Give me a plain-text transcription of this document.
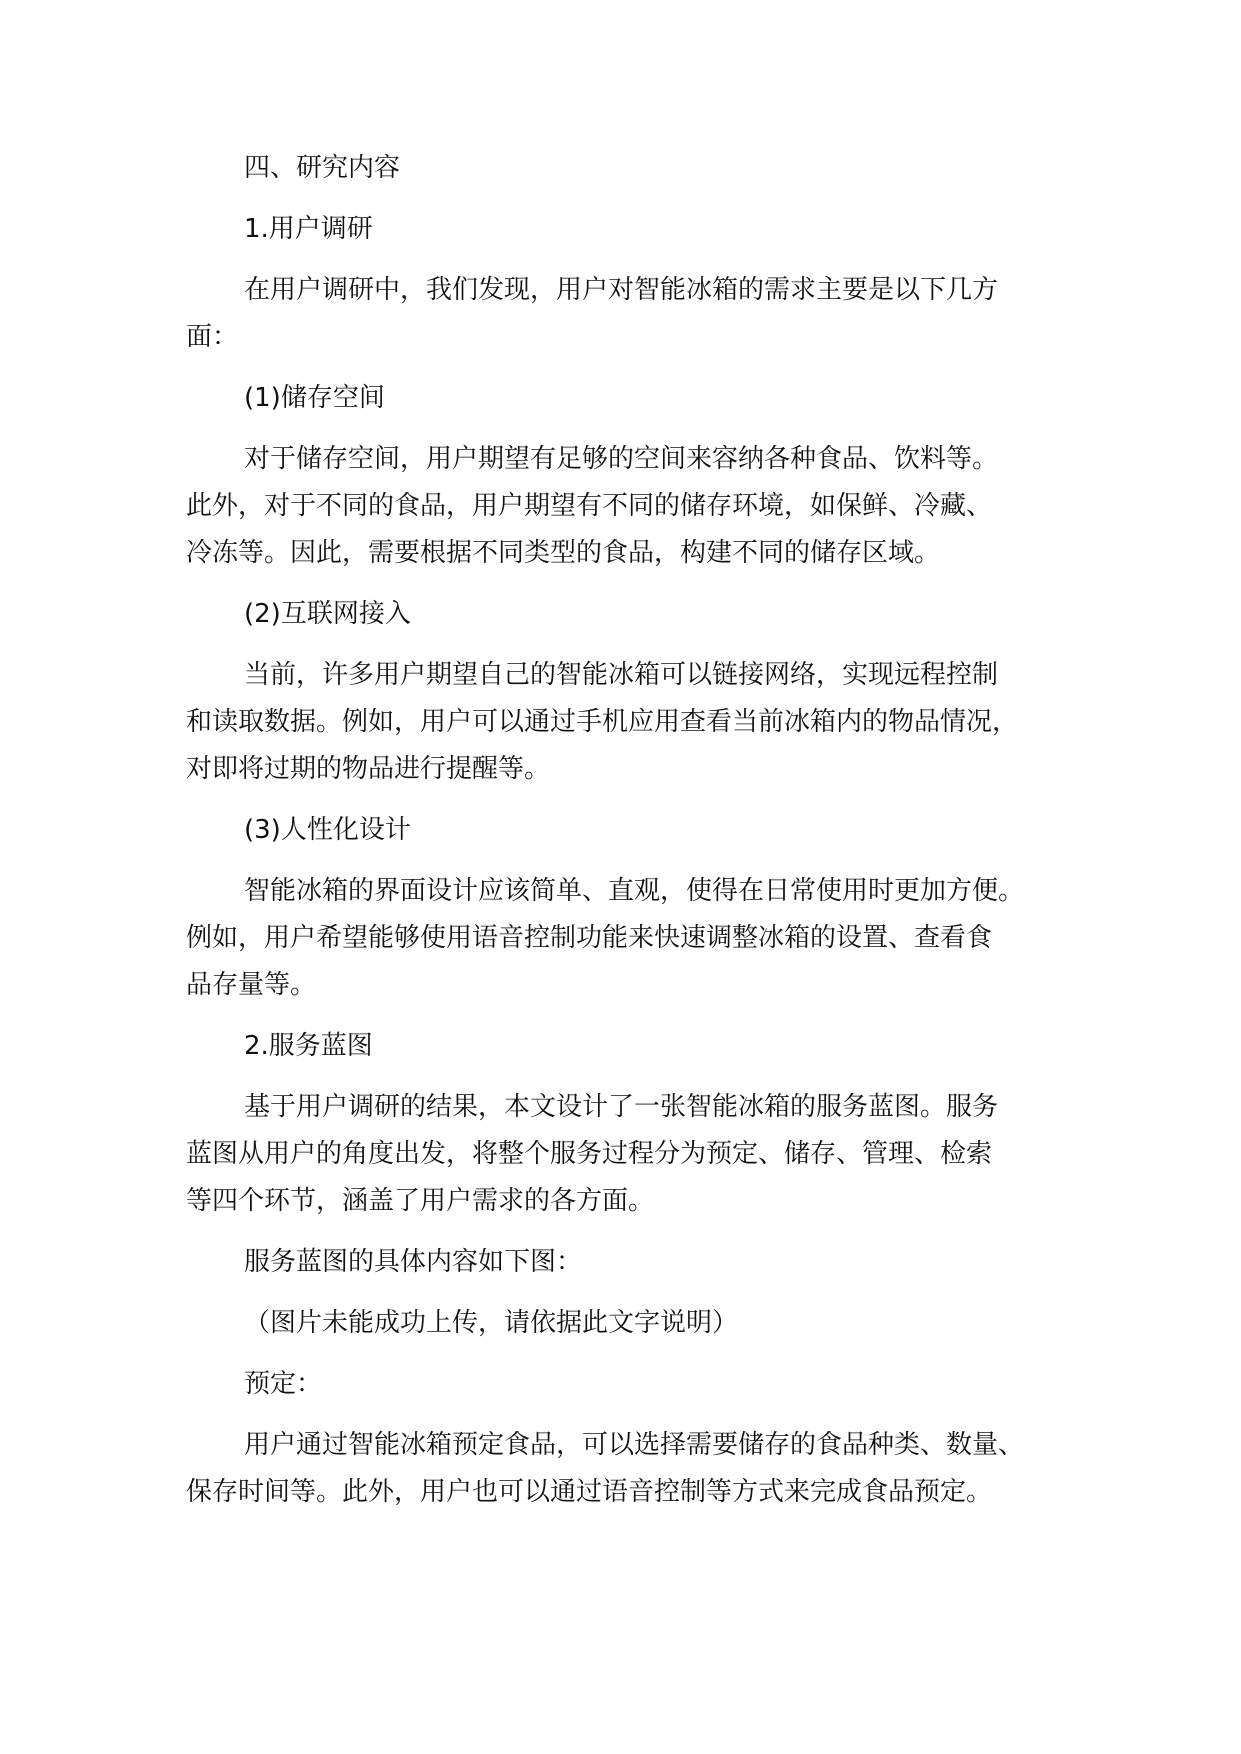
四、研究内容
1.用户调研
在用户调研中，我们发现，用户对智能冰箱的需求主要是以下几方
面：
(1)储存空间
对于储存空间，用户期望有足够的空间来容纳各种食品、饮料等。
此外，对于不同的食品，用户期望有不同的储存环境，如保鲜、冷藏、
冷冻等。因此，需要根据不同类型的食品，构建不同的储存区域。
(2)互联网接入
当前，许多用户期望自己的智能冰箱可以链接网络，实现远程控制
和读取数据。例如，用户可以通过手机应用查看当前冰箱内的物品情况，
对即将过期的物品进行提醒等。
(3)人性化设计
智能冰箱的界面设计应该简单、直观，使得在日常使用时更加方便。
例如，用户希望能够使用语音控制功能来快速调整冰箱的设置、查看食
品存量等。
2.服务蓝图
基于用户调研的结果，本文设计了一张智能冰箱的服务蓝图。服务
蓝图从用户的角度出发，将整个服务过程分为预定、储存、管理、检索
等四个环节，涵盖了用户需求的各方面。
服务蓝图的具体内容如下图：
（图片未能成功上传，请依据此文字说明）
预定：
用户通过智能冰箱预定食品，可以选择需要储存的食品种类、数量、
保存时间等。此外，用户也可以通过语音控制等方式来完成食品预定。
